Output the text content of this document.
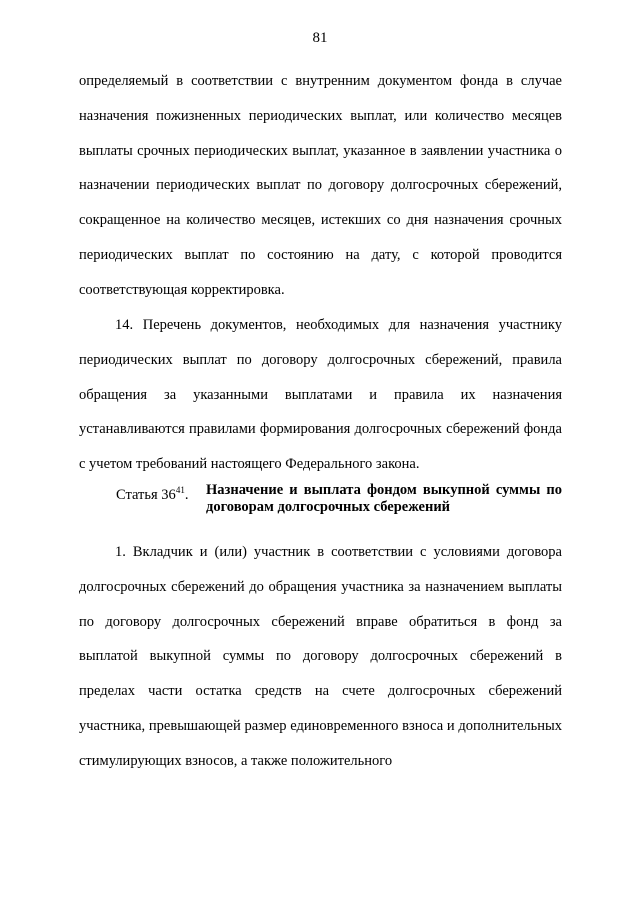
81

определяемый в соответствии с внутренним документом фонда в случае назначения пожизненных периодических выплат, или количество месяцев выплаты срочных периодических выплат, указанное в заявлении участника о назначении периодических выплат по договору долгосрочных сбережений, сокращенное на количество месяцев, истекших со дня назначения срочных периодических выплат по состоянию на дату, с которой проводится соответствующая корректировка.

14. Перечень документов, необходимых для назначения участнику периодических выплат по договору долгосрочных сбережений, правила обращения за указанными выплатами и правила их назначения устанавливаются правилами формирования долгосрочных сбережений фонда с учетом требований настоящего Федерального закона.

Статья $36^{41}$. Назначение и выплата фондом выкупной суммы по договорам долгосрочных сбережений

1. Вкладчик и (или) участник в соответствии с условиями договора долгосрочных сбережений до обращения участника за назначением выплаты по договору долгосрочных сбережений вправе обратиться в фонд за выплатой выкупной суммы по договору долгосрочных сбережений в пределах части остатка средств на счете долгосрочных сбережений участника, превышающей размер единовременного взноса и дополнительных стимулирующих взносов, а также положительного
